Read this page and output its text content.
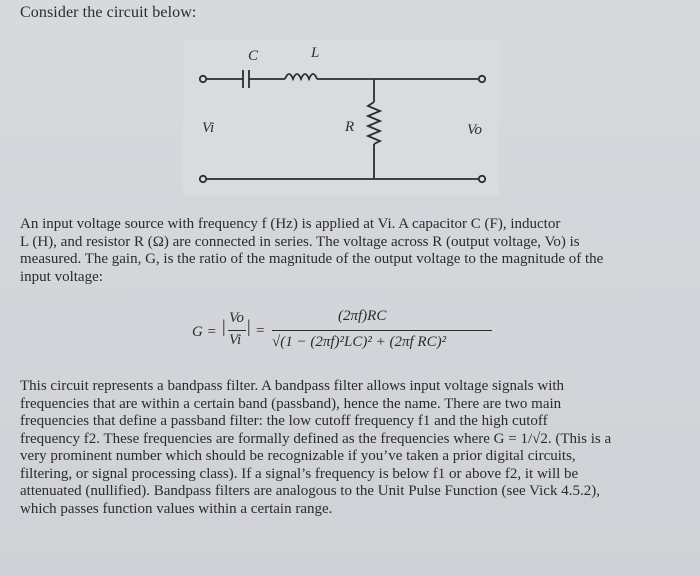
Consider the circuit below:
C	L
R
Vi	Vo
An input voltage source with frequency f (Hz) is applied at Vi. A capacitor C (F), inductor
L (H), and resistor R (Ω) are connected in series. The voltage across R (output voltage, Vo) is
measured. The gain, G, is the ratio of the magnitude of the output voltage to the magnitude of the
input voltage:
G = | Vo
Vi
| =
(2πf)RC
√(1 − (2πf)²LC)² + (2πf RC)²
This circuit represents a bandpass filter. A bandpass filter allows input voltage signals with
frequencies that are within a certain band (passband), hence the name. There are two main
frequencies that define a passband filter: the low cutoff frequency f1 and the high cutoff
frequency f2. These frequencies are formally defined as the frequencies where G = 1/√2. (This is a
very prominent number which should be recognizable if you’ve taken a prior digital circuits,
filtering, or signal processing class). If a signal’s frequency is below f1 or above f2, it will be
attenuated (nullified). Bandpass filters are analogous to the Unit Pulse Function (see Vick 4.5.2),
which passes function values within a certain range.
